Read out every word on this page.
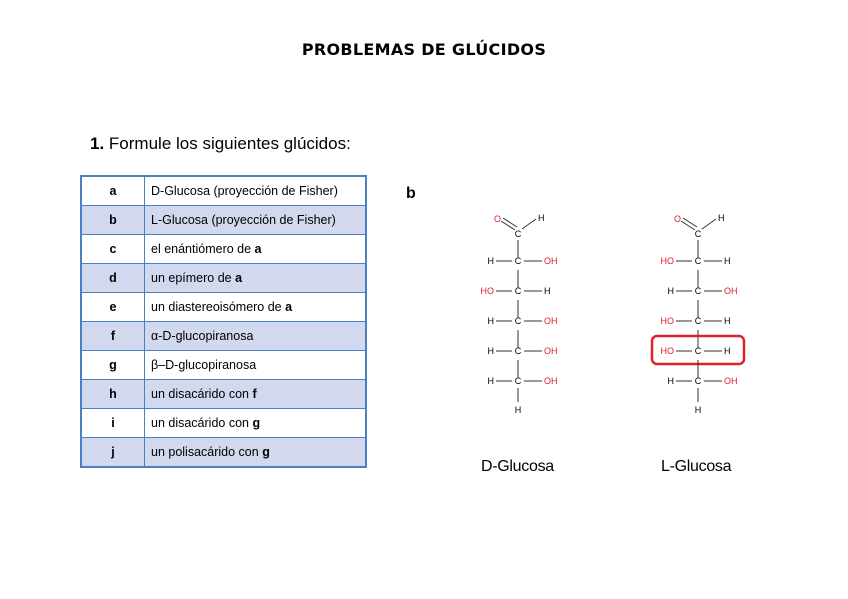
PROBLEMAS DE GLÚCIDOS
1. Formule los siguientes glúcidos:
a	D-Glucosa (proyección de Fisher)
b	L-Glucosa (proyección de Fisher)
c	el enántiómero de a
d	un epímero de a
e	un diastereoisómero de a
f	α-D-glucopiranosa
g	β–D-glucopiranosa
h	un disacárido con f
i	un disacárido con g
j	un polisacárido con g
b
O	H
C
C
H	OH
C
HO	H
C
H	OH
C
H	OH
C
H	OH
H
D-Glucosa
O	H
C
C
HO	H
C
H	OH
C
HO	H
C
HO	H
C
H	OH
H
L-Glucosa
